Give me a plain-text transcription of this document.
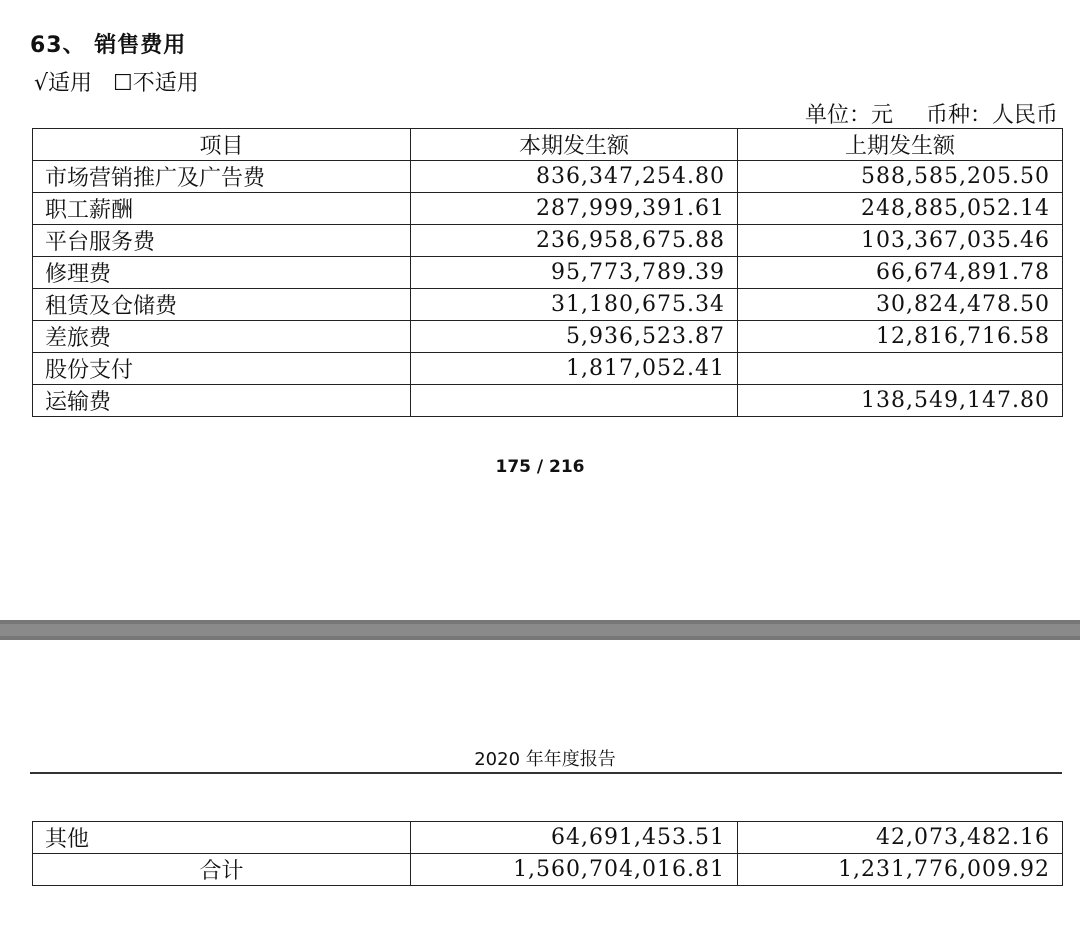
63、 销售费用
√适用 ☐不适用
单位：元 币种：人民币
项目	本期发生额	上期发生额
市场营销推广及广告费	836,347,254.80	588,585,205.50
职工薪酬	287,999,391.61	248,885,052.14
平台服务费	236,958,675.88	103,367,035.46
修理费	95,773,789.39	66,674,891.78
租赁及仓储费	31,180,675.34	30,824,478.50
差旅费	5,936,523.87	12,816,716.58
股份支付	1,817,052.41	
运输费		138,549,147.80
175 / 216
2020 年年度报告
其他	64,691,453.51	42,073,482.16
合计	1,560,704,016.81	1,231,776,009.92
